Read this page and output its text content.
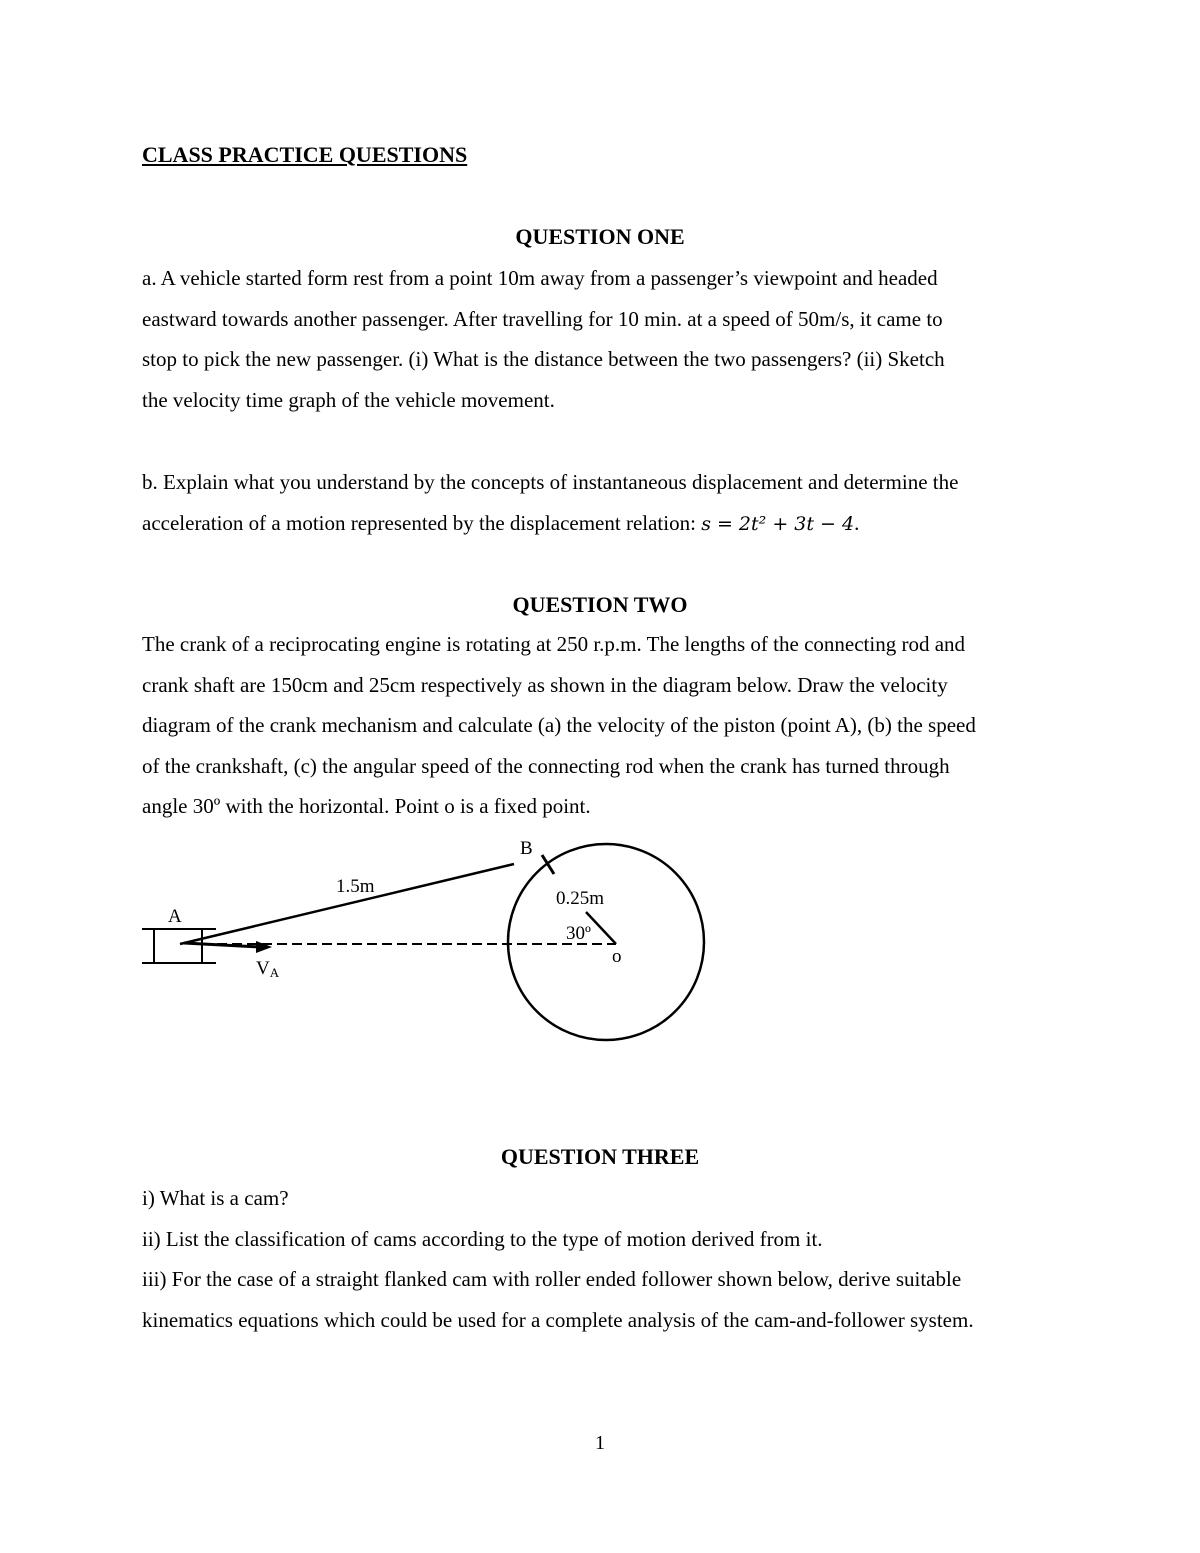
CLASS PRACTICE QUESTIONS
QUESTION ONE

a. A vehicle started form rest from a point 10m away from a passenger’s viewpoint and headed
eastward towards another passenger. After travelling for 10 min. at a speed of 50m/s, it came to
stop to pick the new passenger. (i) What is the distance between the two passengers? (ii) Sketch
the velocity time graph of the vehicle movement.

b. Explain what you understand by the concepts of instantaneous displacement and determine the
acceleration of a motion represented by the displacement relation: s = 2t² + 3t − 4.

QUESTION TWO

The crank of a reciprocating engine is rotating at 250 r.p.m. The lengths of the connecting rod and
crank shaft are 150cm and 25cm respectively as shown in the diagram below. Draw the velocity
diagram of the crank mechanism and calculate (a) the velocity of the piston (point A), (b) the speed
of the crankshaft, (c) the angular speed of the connecting rod when the crank has turned through
angle 30º with the horizontal. Point o is a fixed point.

A
B
o
1.5m
0.25m
30º
VA
QUESTION THREE

i) What is a cam?
ii) List the classification of cams according to the type of motion derived from it.
iii) For the case of a straight flanked cam with roller ended follower shown below, derive suitable
kinematics equations which could be used for a complete analysis of the cam-and-follower system.

1
